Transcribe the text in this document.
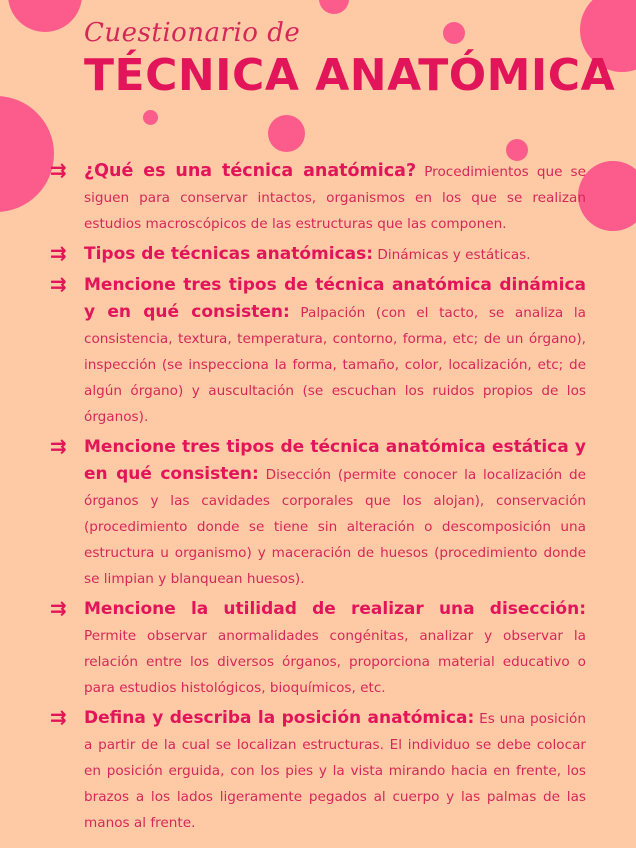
Cuestionario de
TÉCNICA ANATÓMICA
⇉ ¿Qué es una técnica anatómica? Procedimientos que se siguen para conservar intactos, organismos en los que se realizan estudios macroscópicos de las estructuras que las componen.

⇉ Tipos de técnicas anatómicas: Dinámicas y estáticas.

⇉ Mencione tres tipos de técnica anatómica dinámica y en qué consisten: Palpación (con el tacto, se analiza la consistencia, textura, temperatura, contorno, forma, etc; de un órgano), inspección (se inspecciona la forma, tamaño, color, localización, etc; de algún órgano) y auscultación (se escuchan los ruidos propios de los órganos).

⇉ Mencione tres tipos de técnica anatómica estática y en qué consisten: Disección (permite conocer la localización de órganos y las cavidades corporales que los alojan), conservación (procedimiento donde se tiene sin alteración o descomposición una estructura u organismo) y maceración de huesos (procedimiento donde se limpian y blanquean huesos).

⇉ Mencione la utilidad de realizar una disección: Permite observar anormalidades congénitas, analizar y observar la relación entre los diversos órganos, proporciona material educativo o para estudios histológicos, bioquímicos, etc.

⇉ Defina y describa la posición anatómica: Es una posición a partir de la cual se localizan estructuras. El individuo se debe colocar en posición erguida, con los pies y la vista mirando hacia en frente, los brazos a los lados ligeramente pegados al cuerpo y las palmas de las manos al frente.
